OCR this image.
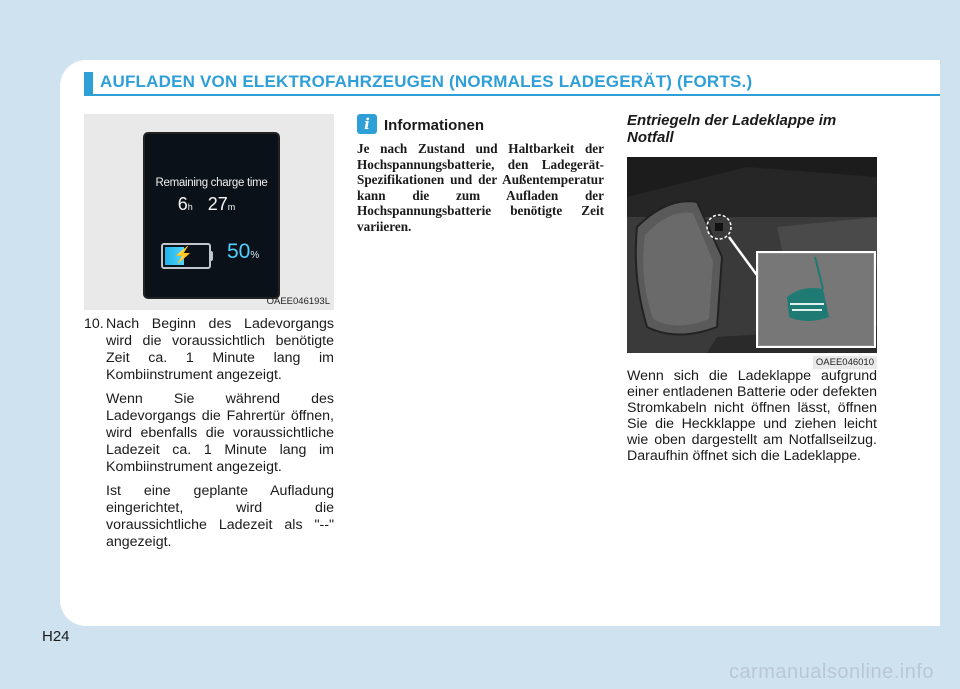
AUFLADEN VON ELEKTROFAHRZEUGEN (NORMALES LADEGERÄT) (FORTS.)
Remaining charge time
6h 27m
⚡ 50%
OAEE046193L
10. Nach Beginn des Ladevorgangs wird die voraussichtlich benötigte Zeit ca. 1 Minute lang im Kombiinstrument angezeigt.

Wenn Sie während des Ladevorgangs die Fahrertür öffnen, wird ebenfalls die voraussichtliche Ladezeit ca. 1 Minute lang im Kombiinstrument angezeigt.

Ist eine geplante Aufladung eingerichtet, wird die voraussichtliche Ladezeit als "--" angezeigt.

i Informationen
Je nach Zustand und Haltbarkeit der Hochspannungsbatterie, den Ladegerät-Spezifikationen und der Außentemperatur kann die zum Aufladen der Hochspannungsbatterie benötigte Zeit variieren.
Entriegeln der Ladeklappe im Notfall
OAEE046010
Wenn sich die Ladeklappe aufgrund einer entladenen Batterie oder defekten Stromkabeln nicht öffnen lässt, öffnen Sie die Heckklappe und ziehen leicht wie oben dargestellt am Notfallseilzug. Daraufhin öffnet sich die Ladeklappe.
H24
carmanualsonline.info
